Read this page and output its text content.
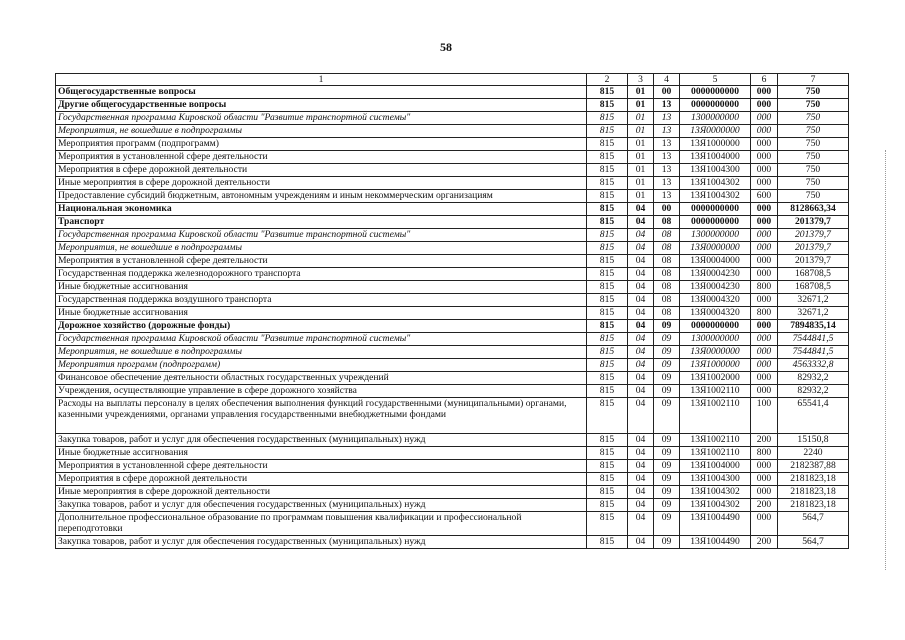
58
1	2	3	4	5	6	7
Общегосударственные вопросы	815	01	00	0000000000	000	750
Другие общегосударственные вопросы	815	01	13	0000000000	000	750
Государственная программа Кировской области "Развитие транспортной системы"	815	01	13	1300000000	000	750
Мероприятия, не вошедшие в подпрограммы	815	01	13	13Я0000000	000	750
Мероприятия программ (подпрограмм)	815	01	13	13Я1000000	000	750
Мероприятия в установленной сфере деятельности	815	01	13	13Я1004000	000	750
Мероприятия в сфере дорожной деятельности	815	01	13	13Я1004300	000	750
Иные мероприятия в сфере дорожной деятельности	815	01	13	13Я1004302	000	750
Предоставление субсидий бюджетным, автономным учреждениям и иным некоммерческим организациям	815	01	13	13Я1004302	600	750
Национальная экономика	815	04	00	0000000000	000	8128663,34
Транспорт	815	04	08	0000000000	000	201379,7
Государственная программа Кировской области "Развитие транспортной системы"	815	04	08	1300000000	000	201379,7
Мероприятия, не вошедшие в подпрограммы	815	04	08	13Я0000000	000	201379,7
Мероприятия в установленной сфере деятельности	815	04	08	13Я0004000	000	201379,7
Государственная поддержка железнодорожного транспорта	815	04	08	13Я0004230	000	168708,5
Иные бюджетные ассигнования	815	04	08	13Я0004230	800	168708,5
Государственная поддержка воздушного транспорта	815	04	08	13Я0004320	000	32671,2
Иные бюджетные ассигнования	815	04	08	13Я0004320	800	32671,2
Дорожное хозяйство (дорожные фонды)	815	04	09	0000000000	000	7894835,14
Государственная программа Кировской области "Развитие транспортной системы"	815	04	09	1300000000	000	7544841,5
Мероприятия, не вошедшие в подпрограммы	815	04	09	13Я0000000	000	7544841,5
Мероприятия программ (подпрограмм)	815	04	09	13Я1000000	000	4563332,8
Финансовое обеспечение деятельности областных государственных учреждений	815	04	09	13Я1002000	000	82932,2
Учреждения, осуществляющие управление в сфере дорожного хозяйства	815	04	09	13Я1002110	000	82932,2
Расходы на выплаты персоналу в целях обеспечения выполнения функций государственными (муниципальными) органами, казенными учреждениями, органами управления государственными внебюджетными фондами	815	04	09	13Я1002110	100	65541,4
Закупка товаров, работ и услуг для обеспечения государственных (муниципальных) нужд	815	04	09	13Я1002110	200	15150,8
Иные бюджетные ассигнования	815	04	09	13Я1002110	800	2240
Мероприятия в установленной сфере деятельности	815	04	09	13Я1004000	000	2182387,88
Мероприятия в сфере дорожной деятельности	815	04	09	13Я1004300	000	2181823,18
Иные мероприятия в сфере дорожной деятельности	815	04	09	13Я1004302	000	2181823,18
Закупка товаров, работ и услуг для обеспечения государственных (муниципальных) нужд	815	04	09	13Я1004302	200	2181823,18
Дополнительное профессиональное образование по программам повышения квалификации и профессиональной переподготовки	815	04	09	13Я1004490	000	564,7
Закупка товаров, работ и услуг для обеспечения государственных (муниципальных) нужд	815	04	09	13Я1004490	200	564,7
